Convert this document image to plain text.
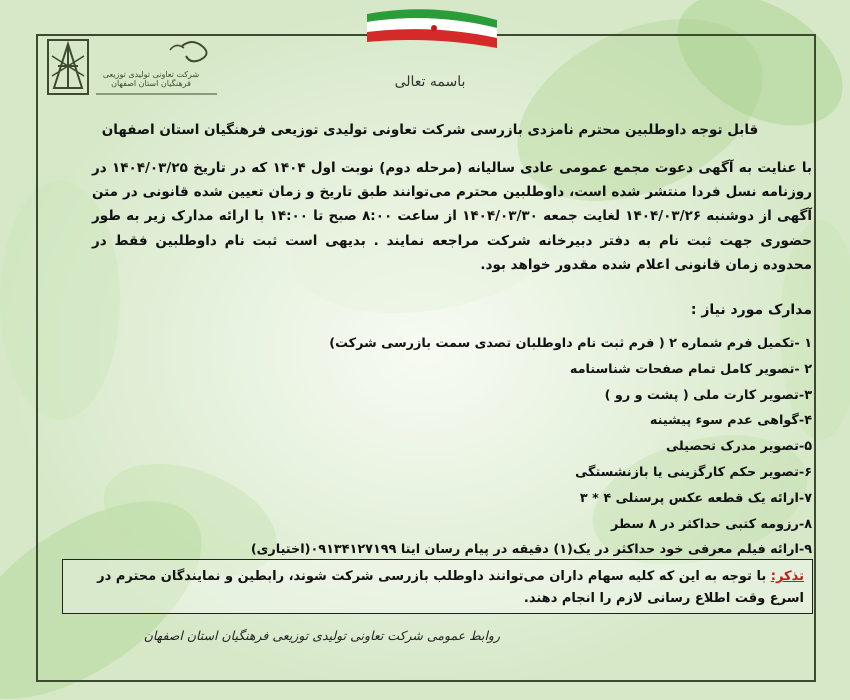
شرکت تعاونی تولیدی توزیعی فرهنگیان استان اصفهان	باسمه تعالی
قابل توجه داوطلبین محترم نامزدی بازرسی شرکت تعاونی تولیدی توزیعی فرهنگیان استان اصفهان
با عنایت به آگهی دعوت مجمع عمومی عادی سالیانه (مرحله دوم) نوبت اول ۱۴۰۴ که در تاریخ ۱۴۰۴/۰۳/۲۵ در روزنامه نسل فردا منتشر شده است، داوطلبین محترم می‌توانند طبق تاریخ و زمان تعیین شده قانونی در متن آگهی از دوشنبه ۱۴۰۴/۰۳/۲۶ لغایت جمعه ۱۴۰۴/۰۳/۳۰ از ساعت ۸:۰۰ صبح تا ۱۴:۰۰ با ارائه مدارک زیر به طور حضوری جهت ثبت نام به دفتر دبیرخانه شرکت مراجعه نمایند . بدیهی است ثبت نام داوطلبین فقط در محدوده زمان قانونی اعلام شده مقدور خواهد بود.
مدارک مورد نیاز :
۱ -تکمیل فرم شماره ۲ ( فرم ثبت نام داوطلبان تصدی سمت بازرسی شرکت)
۲ -تصویر کامل تمام صفحات شناسنامه
۳-تصویر کارت ملی ( پشت و رو )
۴-گواهی عدم سوء پیشینه
۵-تصویر مدرک تحصیلی
۶-تصویر حکم کارگزینی یا بازنشستگی
۷-ارائه یک قطعه عکس پرسنلی ۴ * ۳
۸-رزومه کتبی حداکثر در ۸ سطر
۹-ارائه فیلم معرفی خود حداکثر در یک(۱) دقیقه در پیام رسان ایتا ۰۹۱۳۴۱۲۷۱۹۹(اختیاری)
تذکر: با توجه به این که کلیه سهام داران می‌توانند داوطلب بازرسی شرکت شوند، رابطین و نمایندگان محترم در اسرع وقت اطلاع رسانی لازم را انجام دهند.
روابط عمومی شرکت تعاونی تولیدی توزیعی فرهنگیان استان اصفهان
